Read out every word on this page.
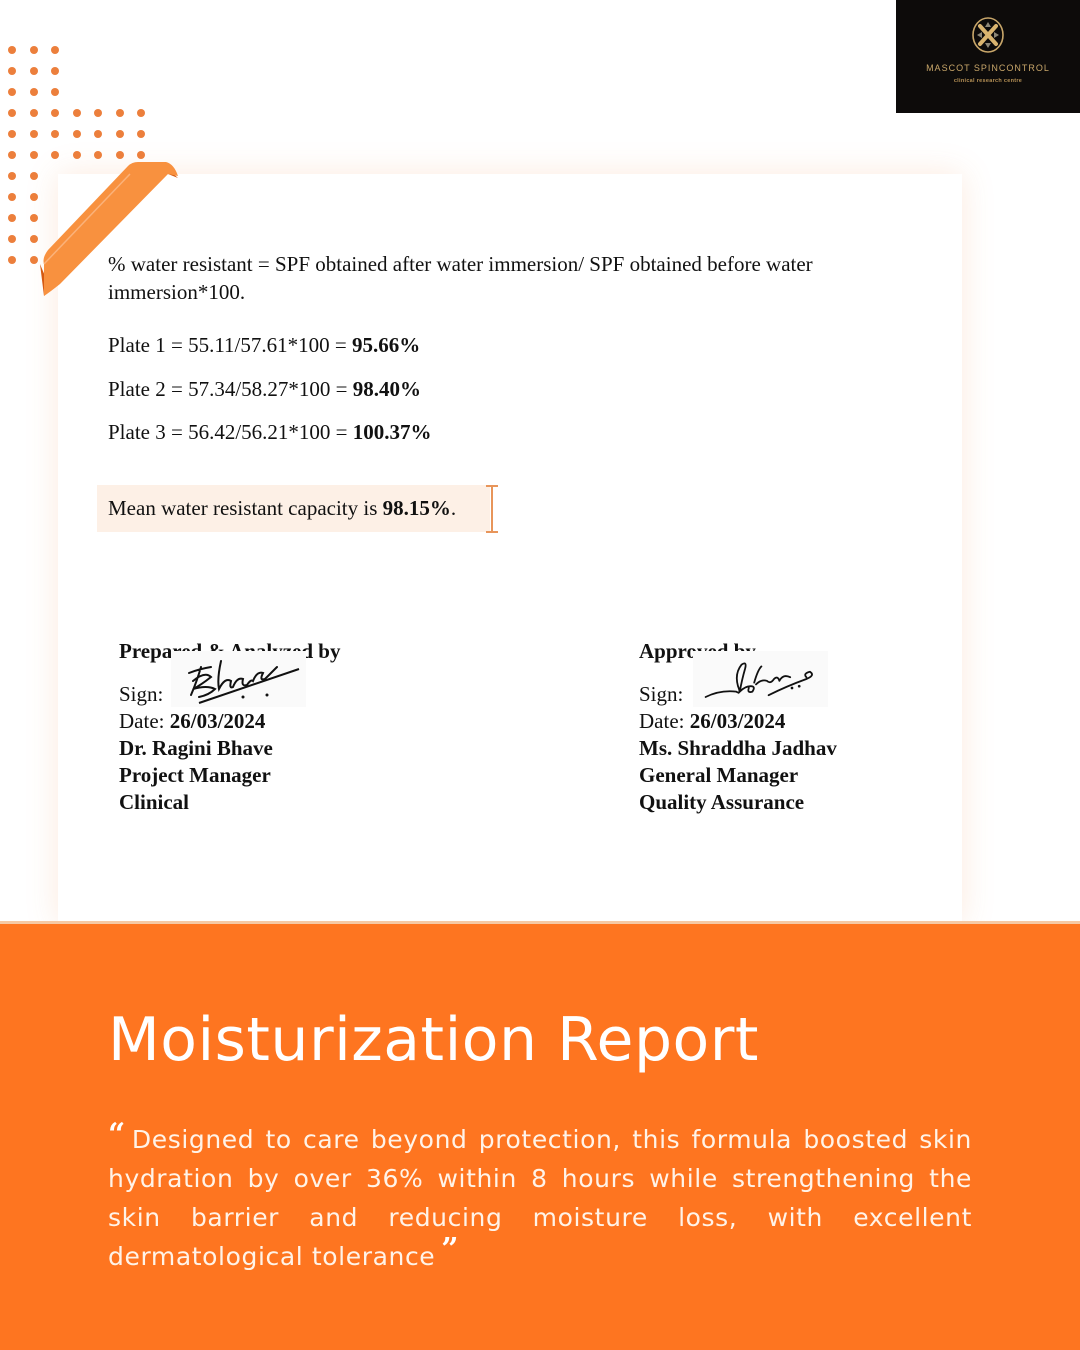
MASCOT SPINCONTROL
clinical research centre

% water resistant = SPF obtained after water immersion/ SPF obtained before water immersion*100.

Plate 1 = 55.11/57.61*100 = 95.66%
Plate 2 = 57.34/58.27*100 = 98.40%
Plate 3 = 56.42/56.21*100 = 100.37%
Mean water resistant capacity is 98.15%.
Prepared & Analyzed by
Sign:
Date: 26/03/2024
Dr. Ragini Bhave
Project Manager
Clinical
Approved by
Sign:
Date: 26/03/2024
Ms. Shraddha Jadhav
General Manager
Quality Assurance
Moisturization Report

“ Designed to care beyond protection, this formula boosted skin hydration by over 36% within 8 hours while strengthening the skin barrier and reducing moisture loss, with excellent dermatological tolerance ”
